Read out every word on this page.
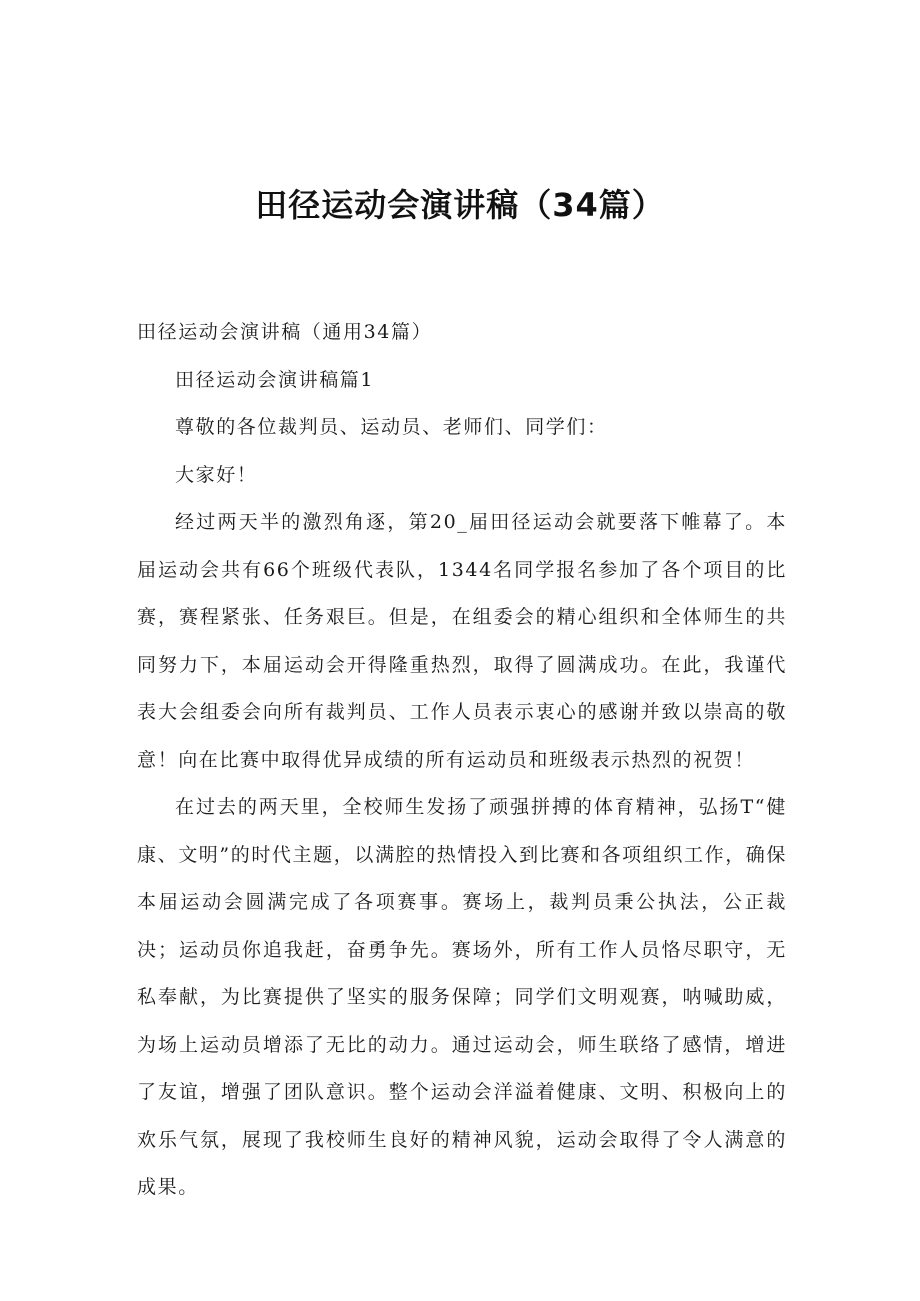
田径运动会演讲稿（34篇）

田径运动会演讲稿（通用34篇）

田径运动会演讲稿篇1

尊敬的各位裁判员、运动员、老师们、同学们：

大家好！

经过两天半的激烈角逐，第20_届田径运动会就要落下帷幕了。本届运动会共有66个班级代表队，1344名同学报名参加了各个项目的比赛，赛程紧张、任务艰巨。但是，在组委会的精心组织和全体师生的共同努力下，本届运动会开得隆重热烈，取得了圆满成功。在此，我谨代表大会组委会向所有裁判员、工作人员表示衷心的感谢并致以崇高的敬意！向在比赛中取得优异成绩的所有运动员和班级表示热烈的祝贺！

在过去的两天里，全校师生发扬了顽强拼搏的体育精神，弘扬T“健康、文明”的时代主题，以满腔的热情投入到比赛和各项组织工作，确保本届运动会圆满完成了各项赛事。赛场上，裁判员秉公执法，公正裁决；运动员你追我赶，奋勇争先。赛场外，所有工作人员恪尽职守，无私奉献，为比赛提供了坚实的服务保障；同学们文明观赛，呐喊助威，为场上运动员增添了无比的动力。通过运动会，师生联络了感情，增进了友谊，增强了团队意识。整个运动会洋溢着健康、文明、积极向上的欢乐气氛，展现了我校师生良好的精神风貌，运动会取得了令人满意的成果。
